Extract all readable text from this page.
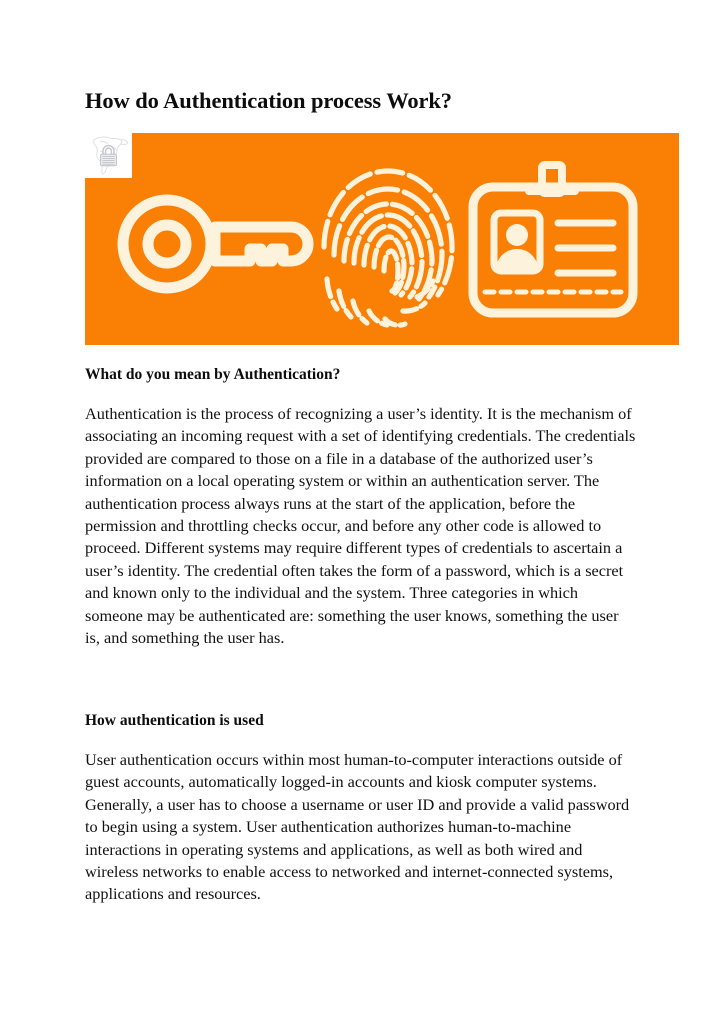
How do Authentication process Work?
What do you mean by Authentication?
Authentication is the process of recognizing a user’s identity. It is the mechanism of associating an incoming request with a set of identifying credentials. The credentials provided are compared to those on a file in a database of the authorized user’s information on a local operating system or within an authentication server. The authentication process always runs at the start of the application, before the permission and throttling checks occur, and before any other code is allowed to proceed. Different systems may require different types of credentials to ascertain a user’s identity. The credential often takes the form of a password, which is a secret and known only to the individual and the system. Three categories in which someone may be authenticated are: something the user knows, something the user is, and something the user has.
How authentication is used
User authentication occurs within most human-to-computer interactions outside of guest accounts, automatically logged-in accounts and kiosk computer systems. Generally, a user has to choose a username or user ID and provide a valid password to begin using a system. User authentication authorizes human-to-machine interactions in operating systems and applications, as well as both wired and wireless networks to enable access to networked and internet-connected systems, applications and resources.
